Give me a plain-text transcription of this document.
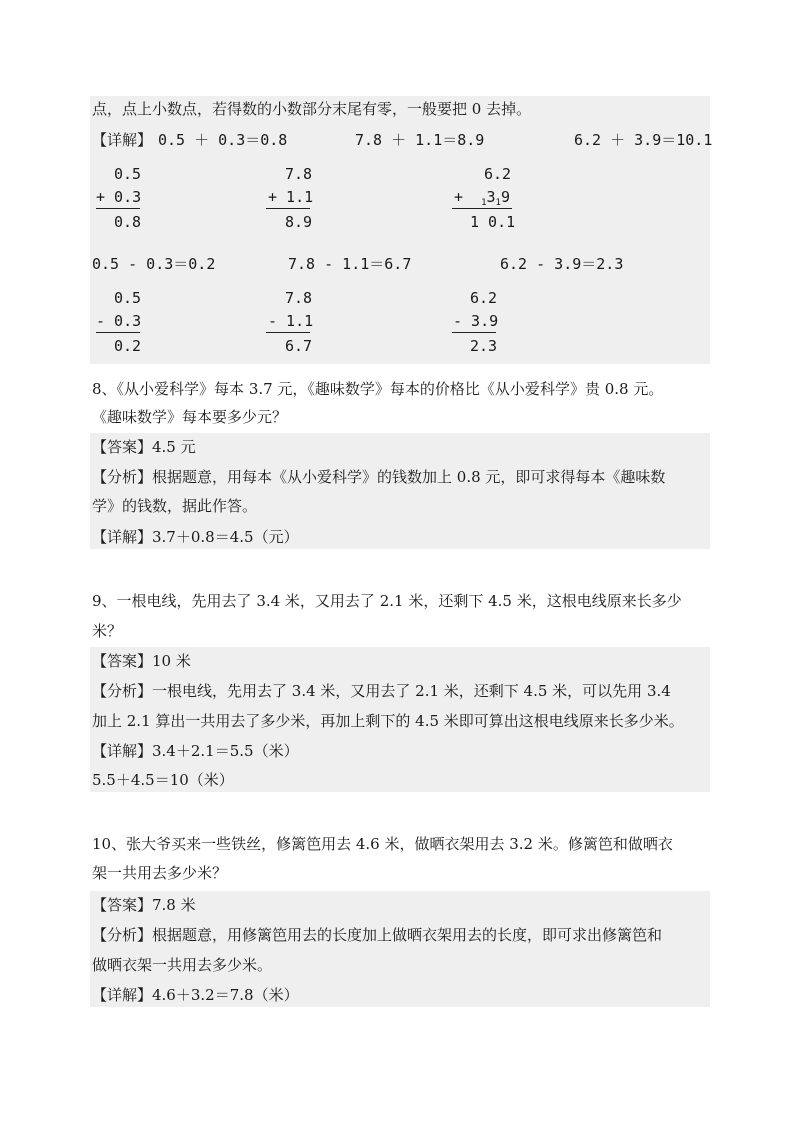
点，点上小数点，若得数的小数部分末尾有零，一般要把 0 去掉。
【详解】 0.5 ＋ 0.3＝0.8	7.8 ＋ 1.1＝8.9	6.2 ＋ 3.9＝10.1
0.5
+ 0.3
0.8
7.8
+ 1.1
8.9
6.2
+ $_13_19$
1 0.1
0.5 - 0.3＝0.2	7.8 - 1.1＝6.7	6.2 - 3.9＝2.3
0.5
- 0.3
0.2
7.8
- 1.1
6.7
6.2
- 3.9
2.3
8、《从小爱科学》每本 3.7 元，《趣味数学》每本的价格比《从小爱科学》贵 0.8 元。
《趣味数学》每本要多少元？
【答案】4.5 元
【分析】根据题意，用每本《从小爱科学》的钱数加上 0.8 元，即可求得每本《趣味数
学》的钱数，据此作答。
【详解】3.7＋0.8＝4.5（元）
9、一根电线，先用去了 3.4 米，又用去了 2.1 米，还剩下 4.5 米，这根电线原来长多少
米？
【答案】10 米
【分析】一根电线，先用去了 3.4 米，又用去了 2.1 米，还剩下 4.5 米，可以先用 3.4
加上 2.1 算出一共用去了多少米，再加上剩下的 4.5 米即可算出这根电线原来长多少米。
【详解】3.4＋2.1＝5.5（米）
5.5＋4.5＝10（米）
10、张大爷买来一些铁丝，修篱笆用去 4.6 米，做晒衣架用去 3.2 米。修篱笆和做晒衣
架一共用去多少米？
【答案】7.8 米
【分析】根据题意，用修篱笆用去的长度加上做晒衣架用去的长度，即可求出修篱笆和
做晒衣架一共用去多少米。
【详解】4.6＋3.2＝7.8（米）
